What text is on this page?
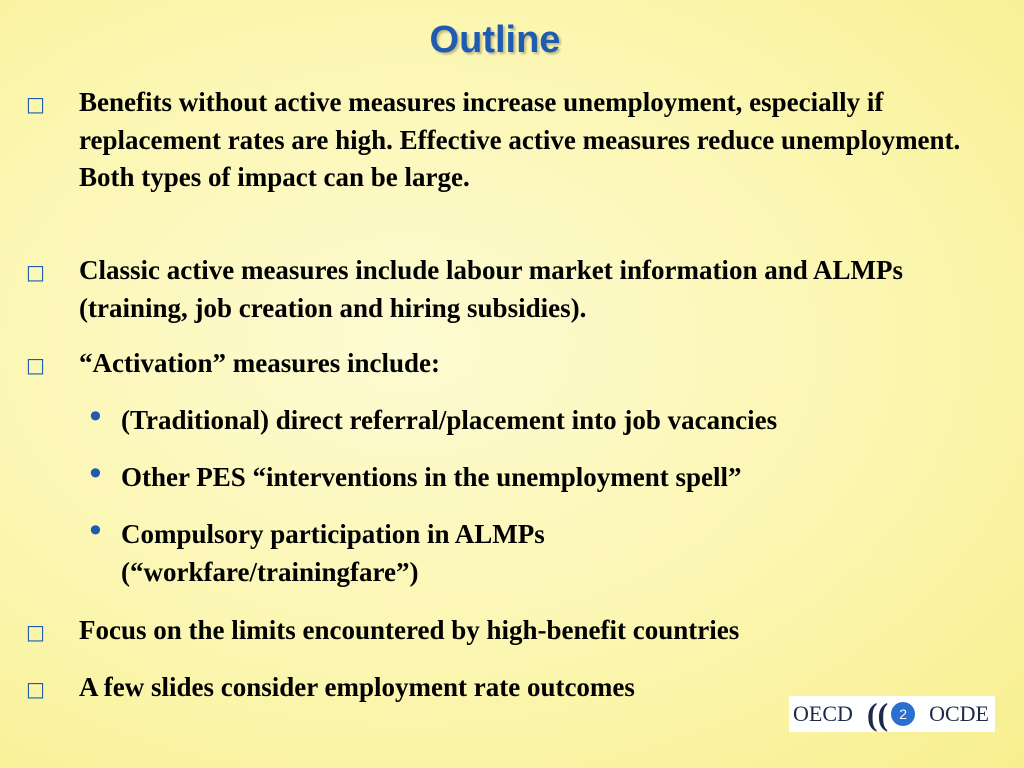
Outline
□ Benefits without active measures increase unemployment, especially if replacement rates are high. Effective active measures reduce unemployment. Both types of impact can be large.
□ Classic active measures include labour market information and ALMPs (training, job creation and hiring subsidies).
□ “Activation” measures include:
• (Traditional) direct referral/placement into job vacancies
• Other PES “interventions in the unemployment spell”
• Compulsory participation in ALMPs (“workfare/trainingfare”)
□ Focus on the limits encountered by high-benefit countries
□ A few slides consider employment rate outcomes
OECD (( 2	OCDE
